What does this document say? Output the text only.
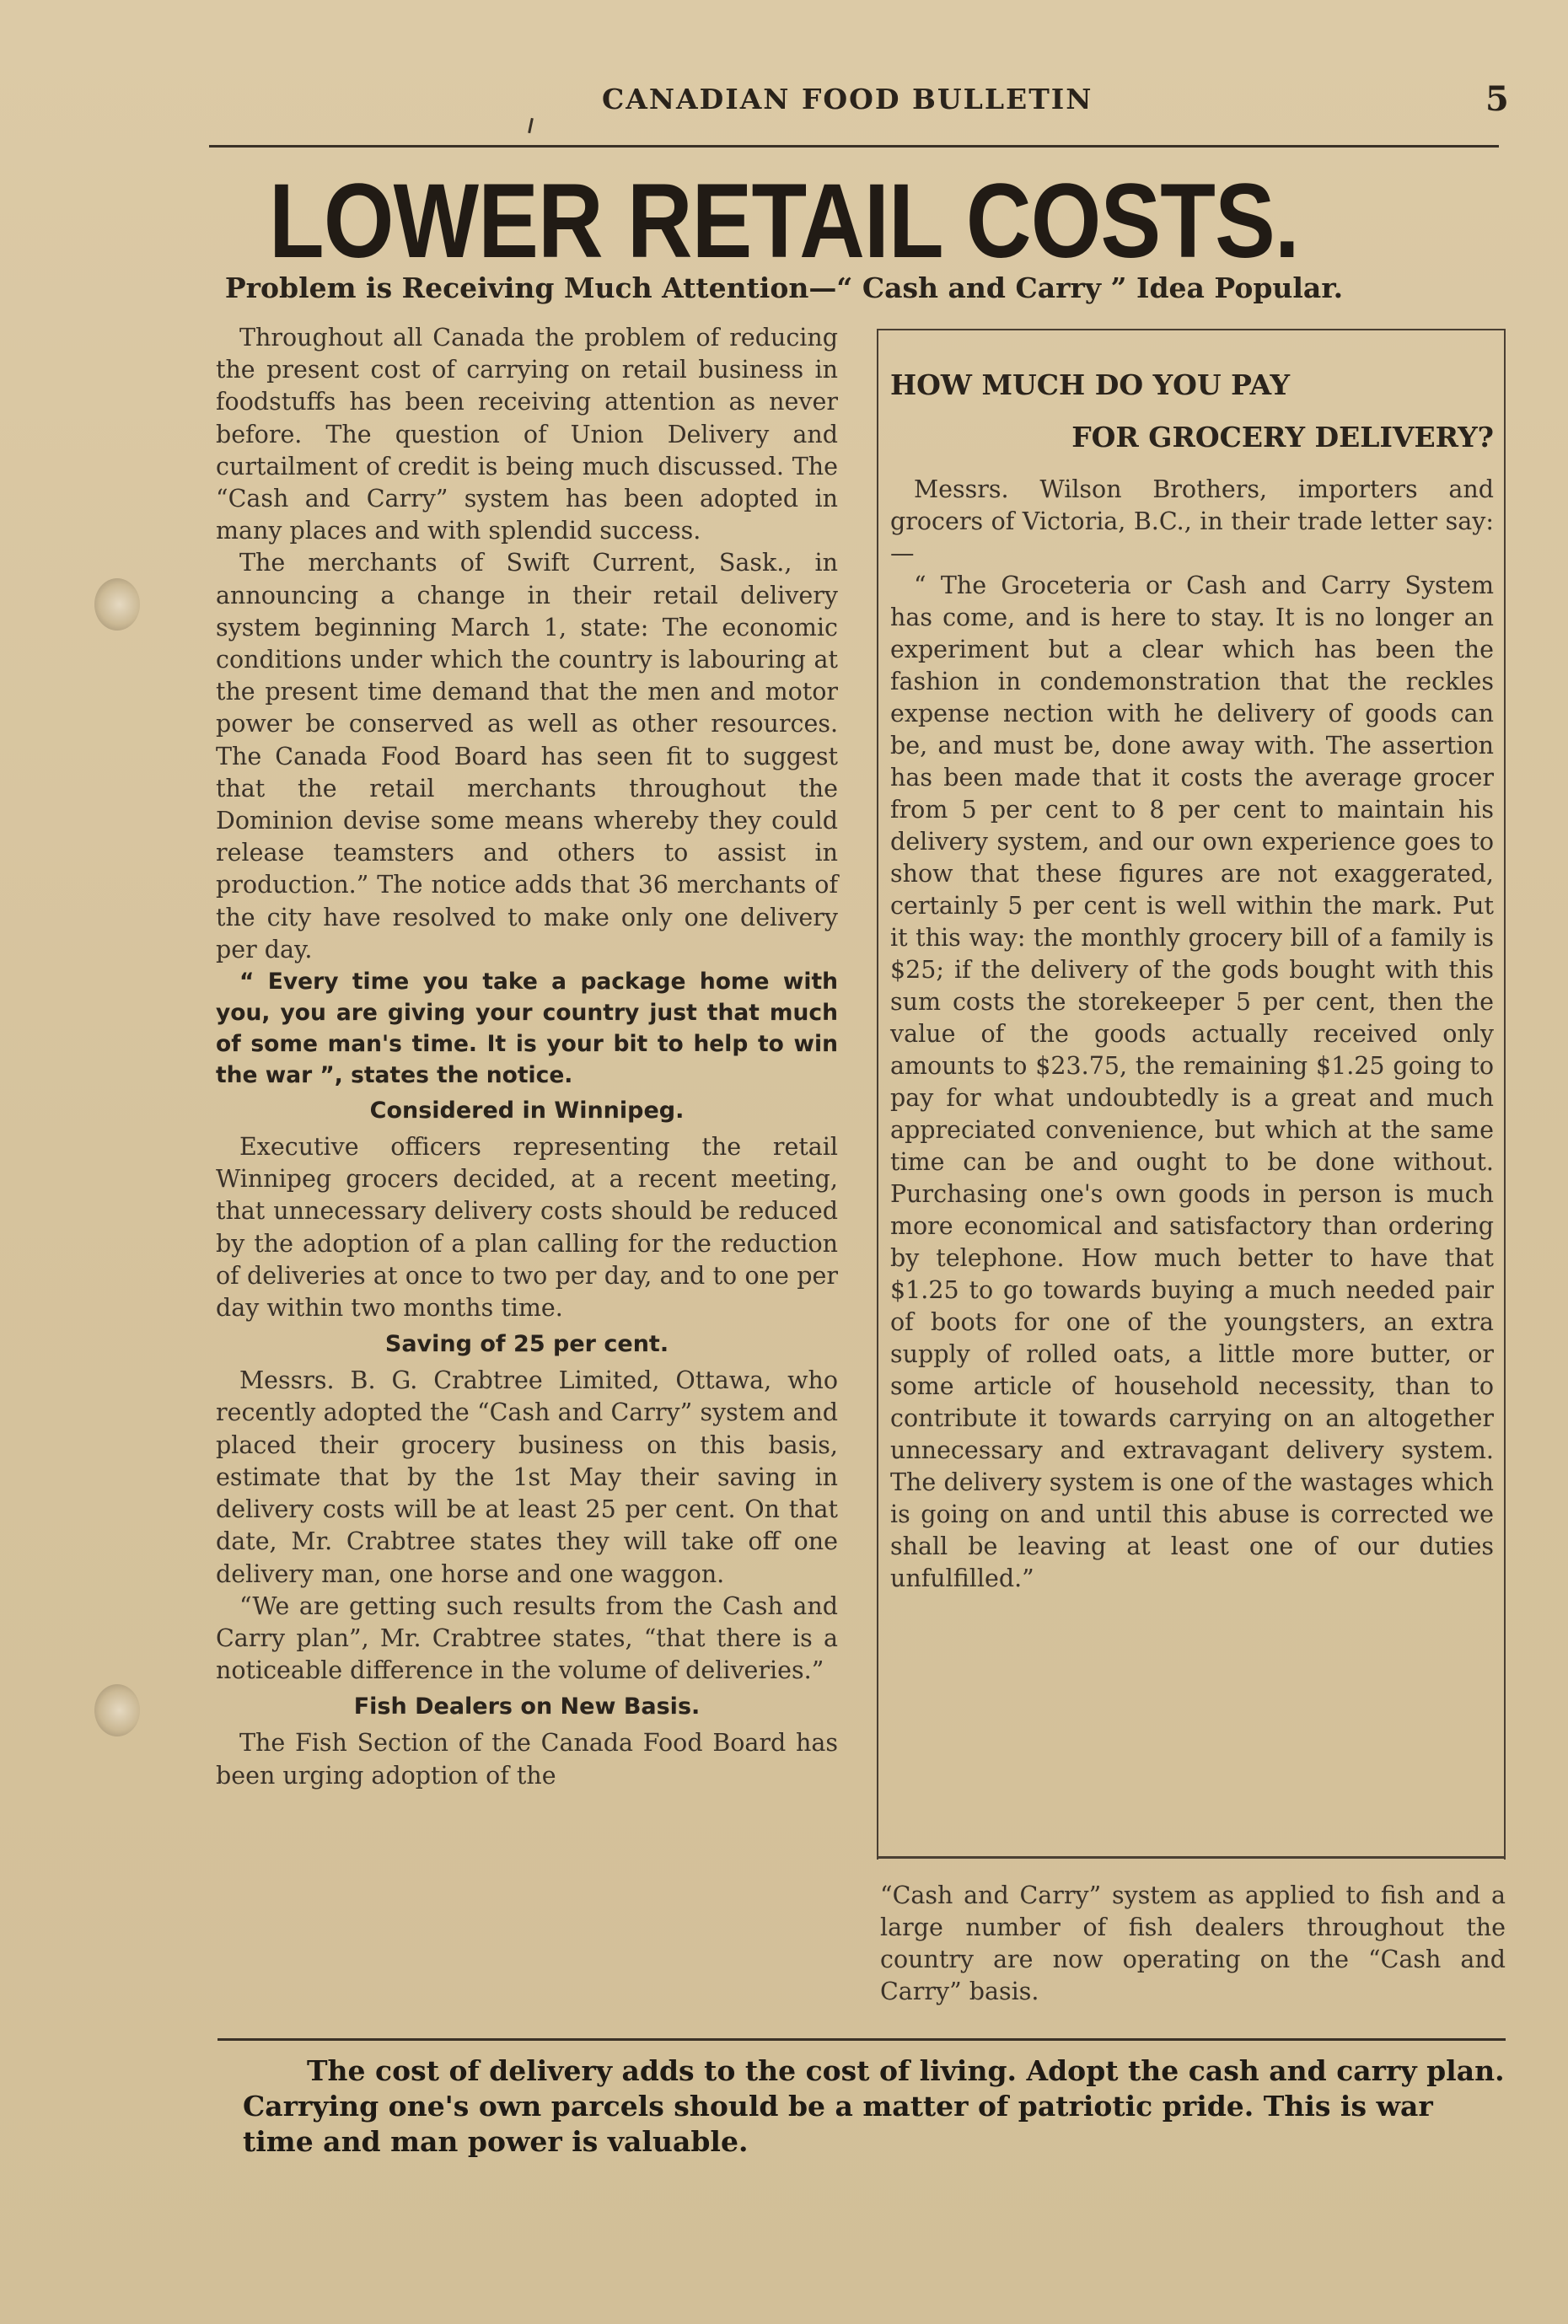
CANADIAN FOOD BULLETIN	5
LOWER RETAIL COSTS.
Problem is Receiving Much Attention—“ Cash and Carry ” Idea Popular.

Throughout all Canada the problem of reducing the present cost of carrying on retail business in foodstuffs has been receiving attention as never before. The question of Union Delivery and curtailment of credit is being much discussed. The “Cash and Carry” system has been adopted in many places and with splendid success.

The merchants of Swift Current, Sask., in announcing a change in their retail delivery system beginning March 1, state: The economic conditions under which the country is labouring at the present time demand that the men and motor power be conserved as well as other resources. The Canada Food Board has seen fit to suggest that the retail merchants throughout the Dominion devise some means whereby they could release teamsters and others to assist in production.” The notice adds that 36 merchants of the city have resolved to make only one delivery per day.

“ Every time you take a package home with you, you are giving your country just that much of some man's time. It is your bit to help to win the war ”, states the notice.

Considered in Winnipeg.

Executive officers representing the retail Winnipeg grocers decided, at a recent meeting, that unnecessary delivery costs should be reduced by the adoption of a plan calling for the reduction of deliveries at once to two per day, and to one per day within two months time.

Saving of 25 per cent.

Messrs. B. G. Crabtree Limited, Ottawa, who recently adopted the “Cash and Carry” system and placed their grocery business on this basis, estimate that by the 1st May their saving in delivery costs will be at least 25 per cent. On that date, Mr. Crabtree states they will take off one delivery man, one horse and one waggon.

“We are getting such results from the Cash and Carry plan”, Mr. Crabtree states, “that there is a noticeable difference in the volume of deliveries.”

Fish Dealers on New Basis.

The Fish Section of the Canada Food Board has been urging adoption of the

HOW MUCH DO YOU PAY
FOR GROCERY DELIVERY?

Messrs. Wilson Brothers, importers and grocers of Victoria, B.C., in their trade letter say:—

“ The Groceteria or Cash and Carry System has come, and is here to stay. It is no longer an experiment but a clear which has been the fashion in condemonstration that the reckles expense nection with he delivery of goods can be, and must be, done away with. The assertion has been made that it costs the average grocer from 5 per cent to 8 per cent to maintain his delivery system, and our own experience goes to show that these figures are not exaggerated, certainly 5 per cent is well within the mark. Put it this way: the monthly grocery bill of a family is $25; if the delivery of the gods bought with this sum costs the storekeeper 5 per cent, then the value of the goods actually received only amounts to $23.75, the remaining $1.25 going to pay for what undoubtedly is a great and much appreciated convenience, but which at the same time can be and ought to be done without. Purchasing one's own goods in person is much more economical and satisfactory than ordering by telephone. How much better to have that $1.25 to go towards buying a much needed pair of boots for one of the youngsters, an extra supply of rolled oats, a little more butter, or some article of household necessity, than to contribute it towards carrying on an altogether unnecessary and extravagant delivery system. The delivery system is one of the wastages which is going on and until this abuse is corrected we shall be leaving at least one of our duties unfulfilled.”

“Cash and Carry” system as applied to fish and a large number of fish dealers throughout the country are now operating on the “Cash and Carry” basis.

The cost of delivery adds to the cost of living. Adopt the cash and carry plan. Carrying one's own parcels should be a matter of patriotic pride. This is war time and man power is valuable.
